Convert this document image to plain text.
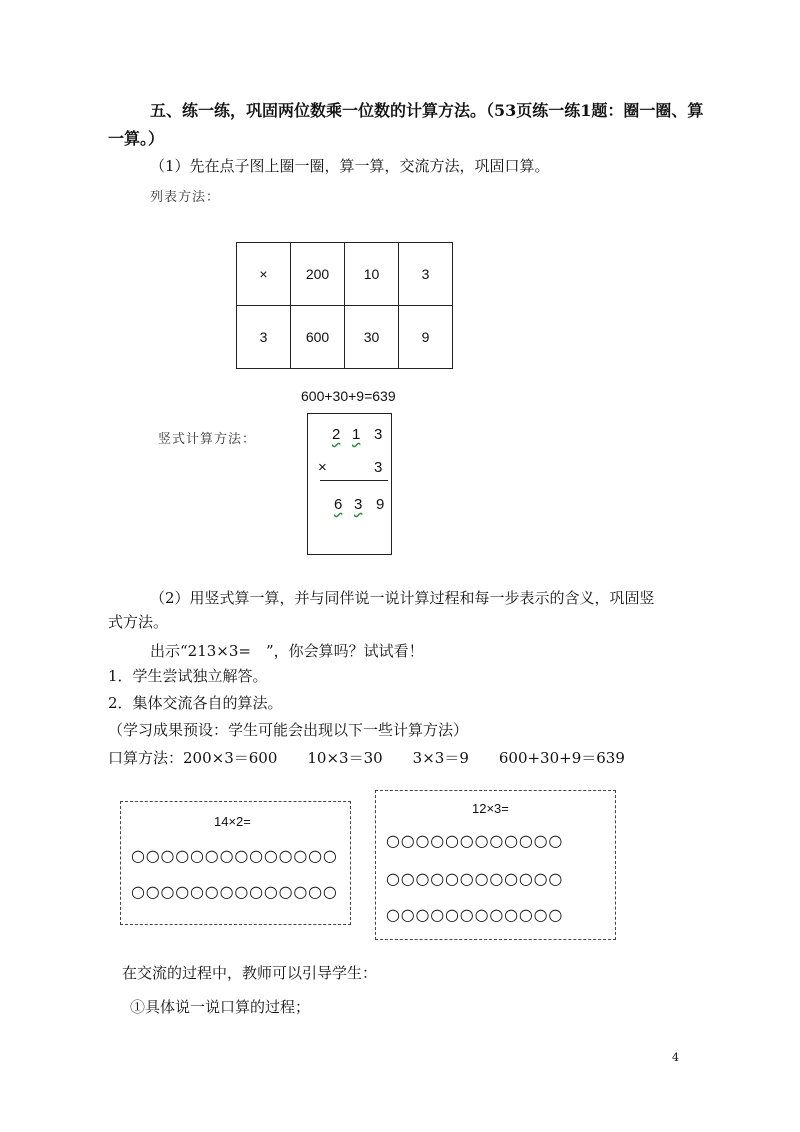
五、练一练，巩固两位数乘一位数的计算方法。（53页练一练1题：圈一圈、算
一算。）
（1）先在点子图上圈一圈，算一算，交流方法，巩固口算。
列表方法：
×	200	10	3
3	600	30	9
600+30+9=639
竖式计算方法：	2 1 3
×	3
6 3 9
（2）用竖式算一算，并与同伴说一说计算过程和每一步表示的含义，巩固竖
式方法。
出示“213×3=　”，你会算吗？试试看！
1．学生尝试独立解答。
2．集体交流各自的算法。
（学习成果预设：学生可能会出现以下一些计算方法）
口算方法：200×3＝600　　10×3＝30　　3×3＝9　　600+30+9＝639
14×2=
○○○○○○○○○○○○○○
○○○○○○○○○○○○○○
12×3=
○○○○○○○○○○○○
○○○○○○○○○○○○
○○○○○○○○○○○○
在交流的过程中，教师可以引导学生：
①具体说一说口算的过程；
4
